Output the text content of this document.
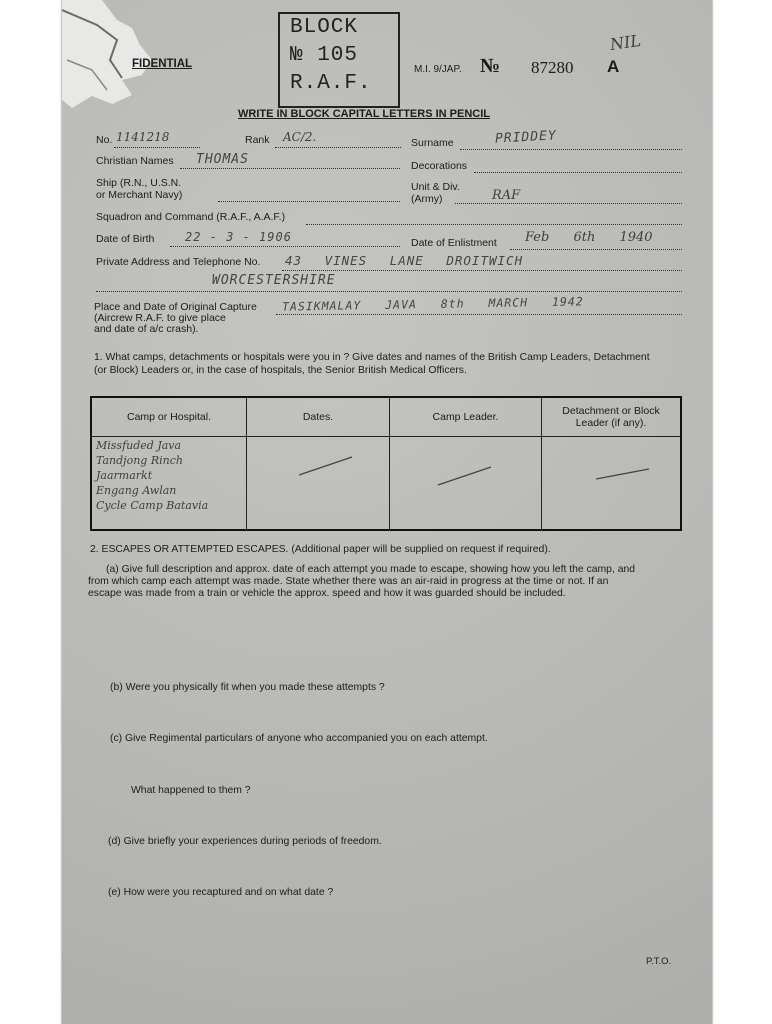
BLOCK
№ 105
R.A.F.
FIDENTIAL	M.I. 9/JAP. № 87280 A
NIL
WRITE IN BLOCK CAPITAL LETTERS IN PENCIL
No. 1141218	Rank AC/2.	Surname	PRIDDEY
Christian Names THOMAS	Decorations
Ship (R.N., U.S.N.
or Merchant Navy)
Unit & Div.
(Army)	RAF
Squadron and Command (R.A.F., A.A.F.)
Date of Birth	22 - 3 - 1906	Date of Enlistment Feb 6th 1940
Private Address and Telephone No. 43 VINES LANE DROITWICH
WORCESTERSHIRE
Place and Date of Original Capture
(Aircrew R.A.F. to give place
and date of a/c crash).
TASIKMALAY JAVA 8th MARCH 1942
1. What camps, detachments or hospitals were you in ? Give dates and names of the British Camp Leaders, Detachment
(or Block) Leaders or, in the case of hospitals, the Senior British Medical Officers.
Camp or Hospital.	Dates.	Camp Leader.	Detachment or Block Leader (if any).

Missfuded Java
Tandjong Rinch
Jaarmarkt
Engang Awlan
Cycle Camp Batavia

2. ESCAPES OR ATTEMPTED ESCAPES. (Additional paper will be supplied on request if required).
(a) Give full description and approx. date of each attempt you made to escape, showing how you left the camp, and
from which camp each attempt was made. State whether there was an air-raid in progress at the time or not. If an
escape was made from a train or vehicle the approx. speed and how it was guarded should be included.
(b) Were you physically fit when you made these attempts ?
(c) Give Regimental particulars of anyone who accompanied you on each attempt.
What happened to them ?
(d) Give briefly your experiences during periods of freedom.
(e) How were you recaptured and on what date ?
P.T.O.
